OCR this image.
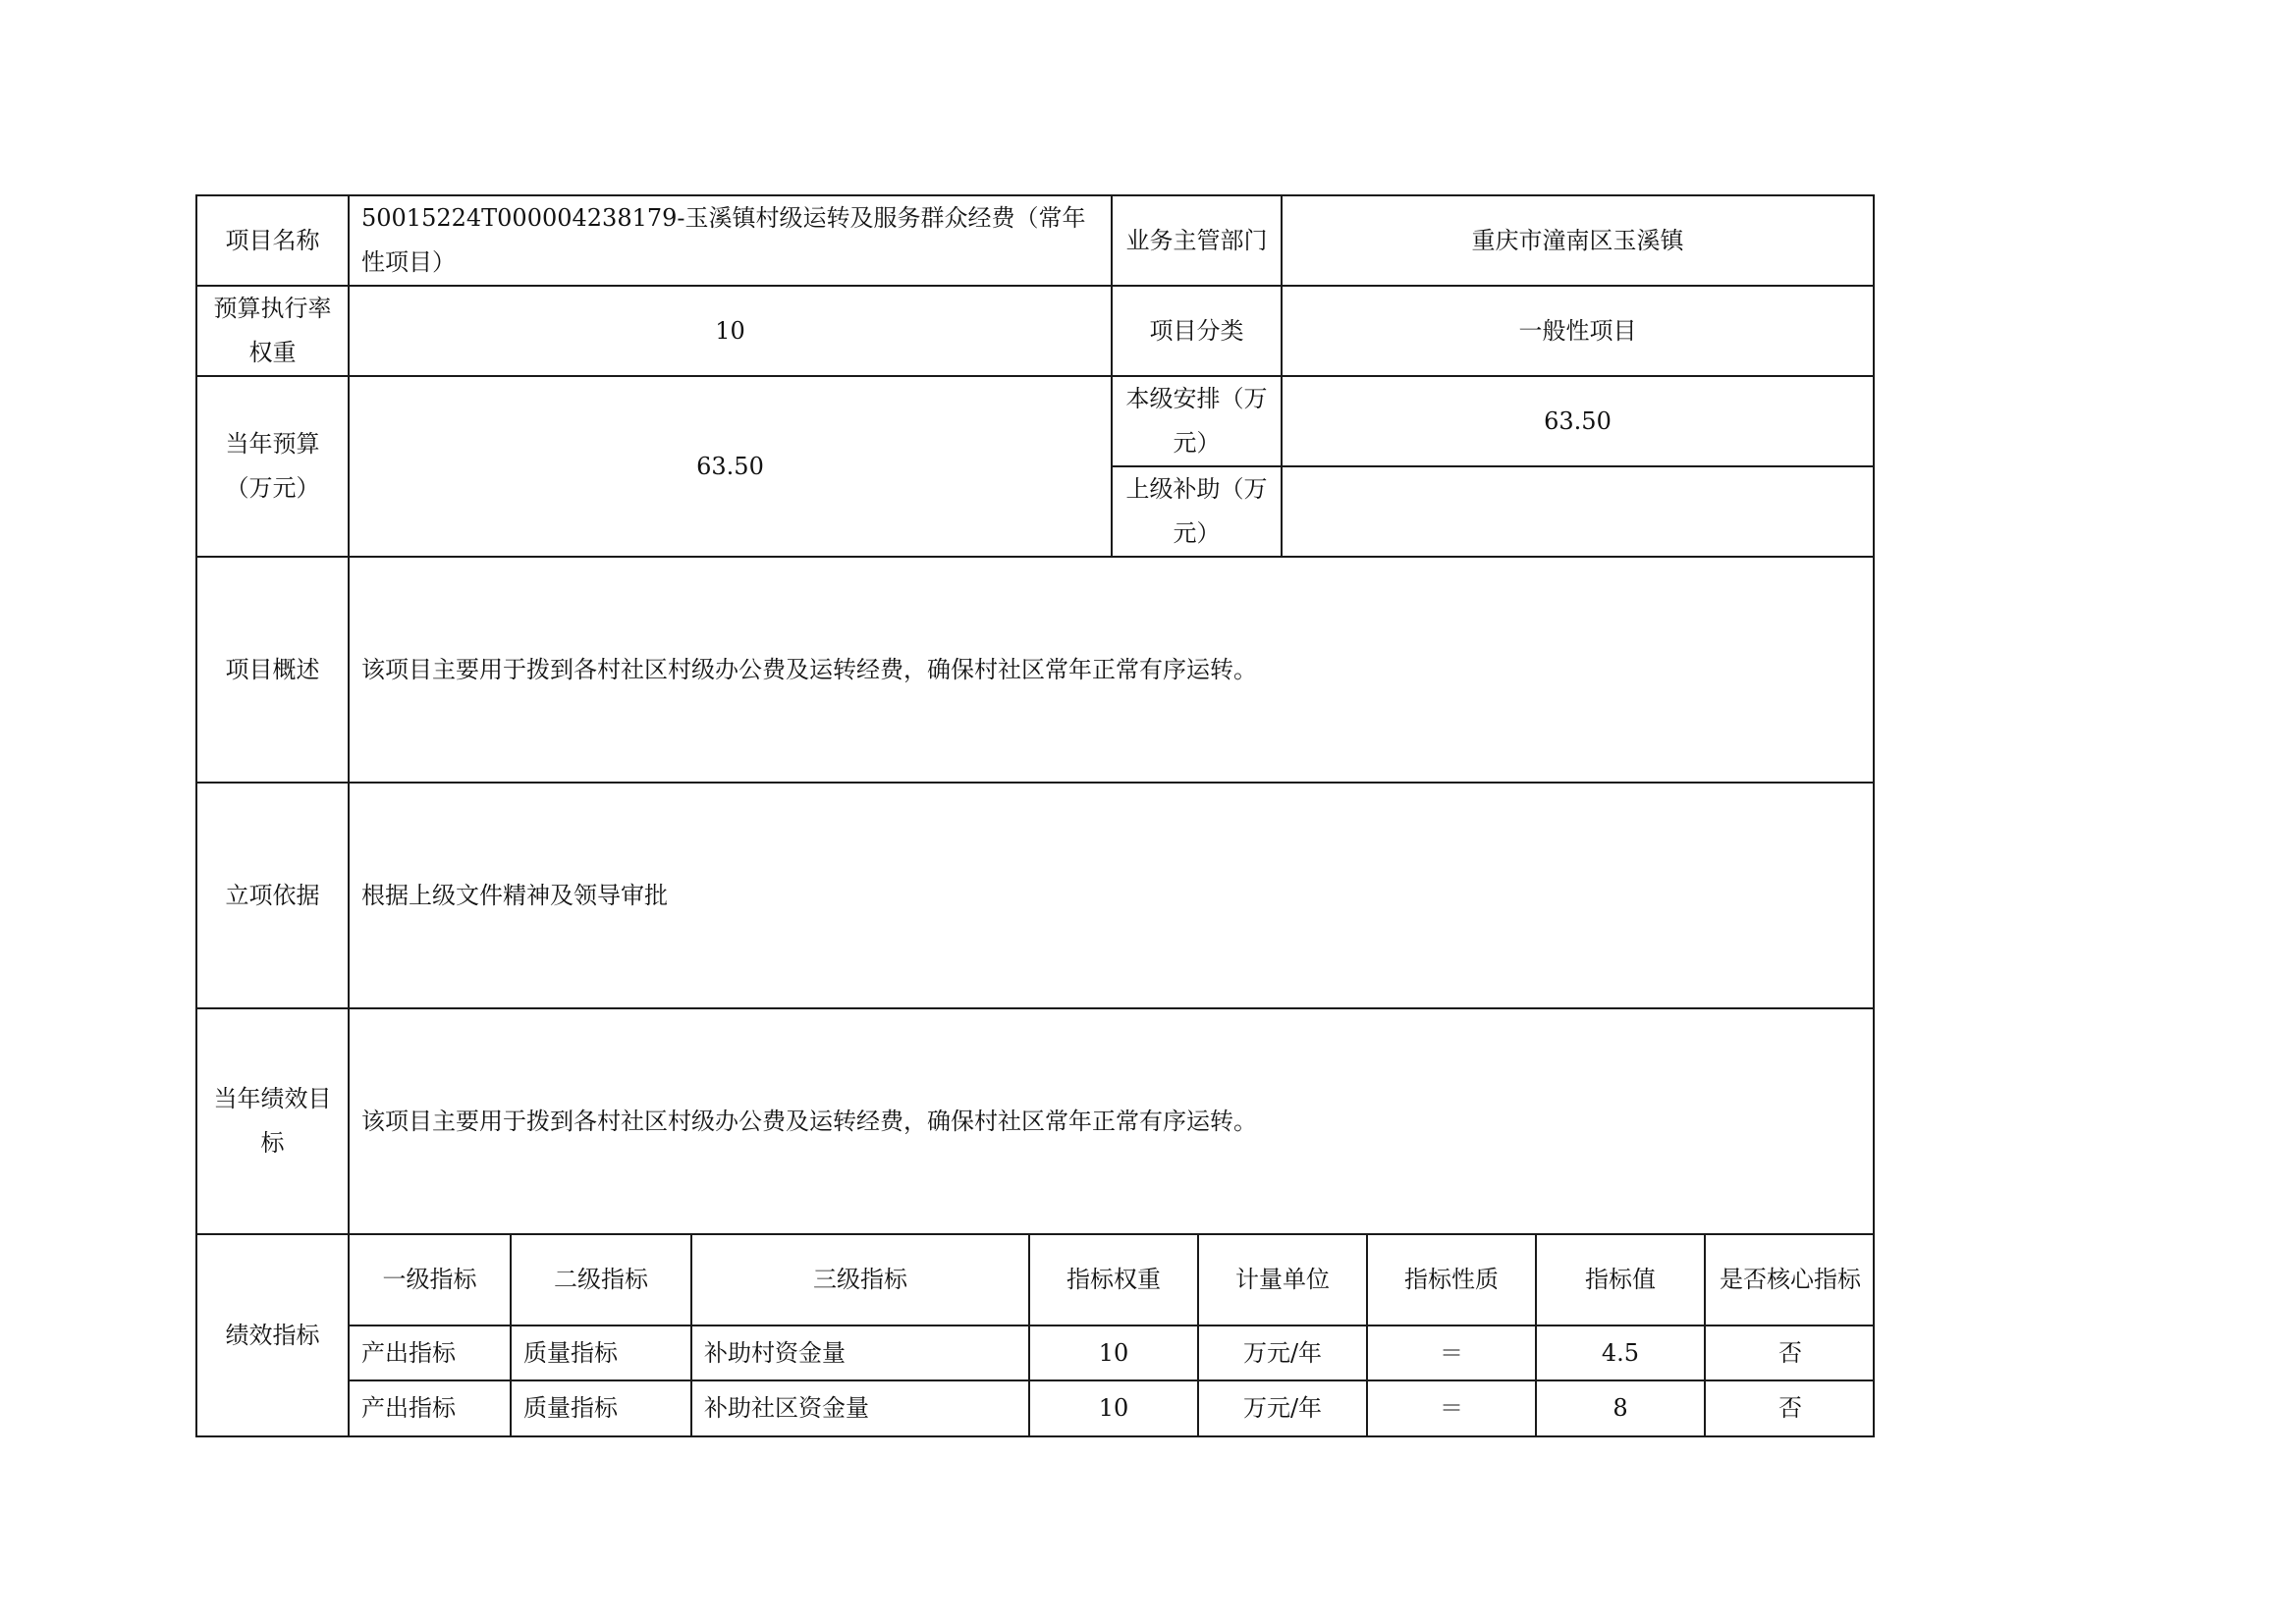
项目名称	50015224T000004238179-玉溪镇村级运转及服务群众经费（常年性项目）	业务主管部门	重庆市潼南区玉溪镇
预算执行率权重	10	项目分类	一般性项目
当年预算（万元）	63.50	本级安排（万元）	63.50
上级补助（万元）	
项目概述	该项目主要用于拨到各村社区村级办公费及运转经费，确保村社区常年正常有序运转。
立项依据	根据上级文件精神及领导审批
当年绩效目标	该项目主要用于拨到各村社区村级办公费及运转经费，确保村社区常年正常有序运转。
绩效指标	
一级指标	二级指标	三级指标	指标权重	计量单位	指标性质	指标值	是否核心指标
产出指标	质量指标	补助村资金量	10	万元/年	＝	4.5	否
产出指标	质量指标	补助社区资金量	10	万元/年	＝	8	否
